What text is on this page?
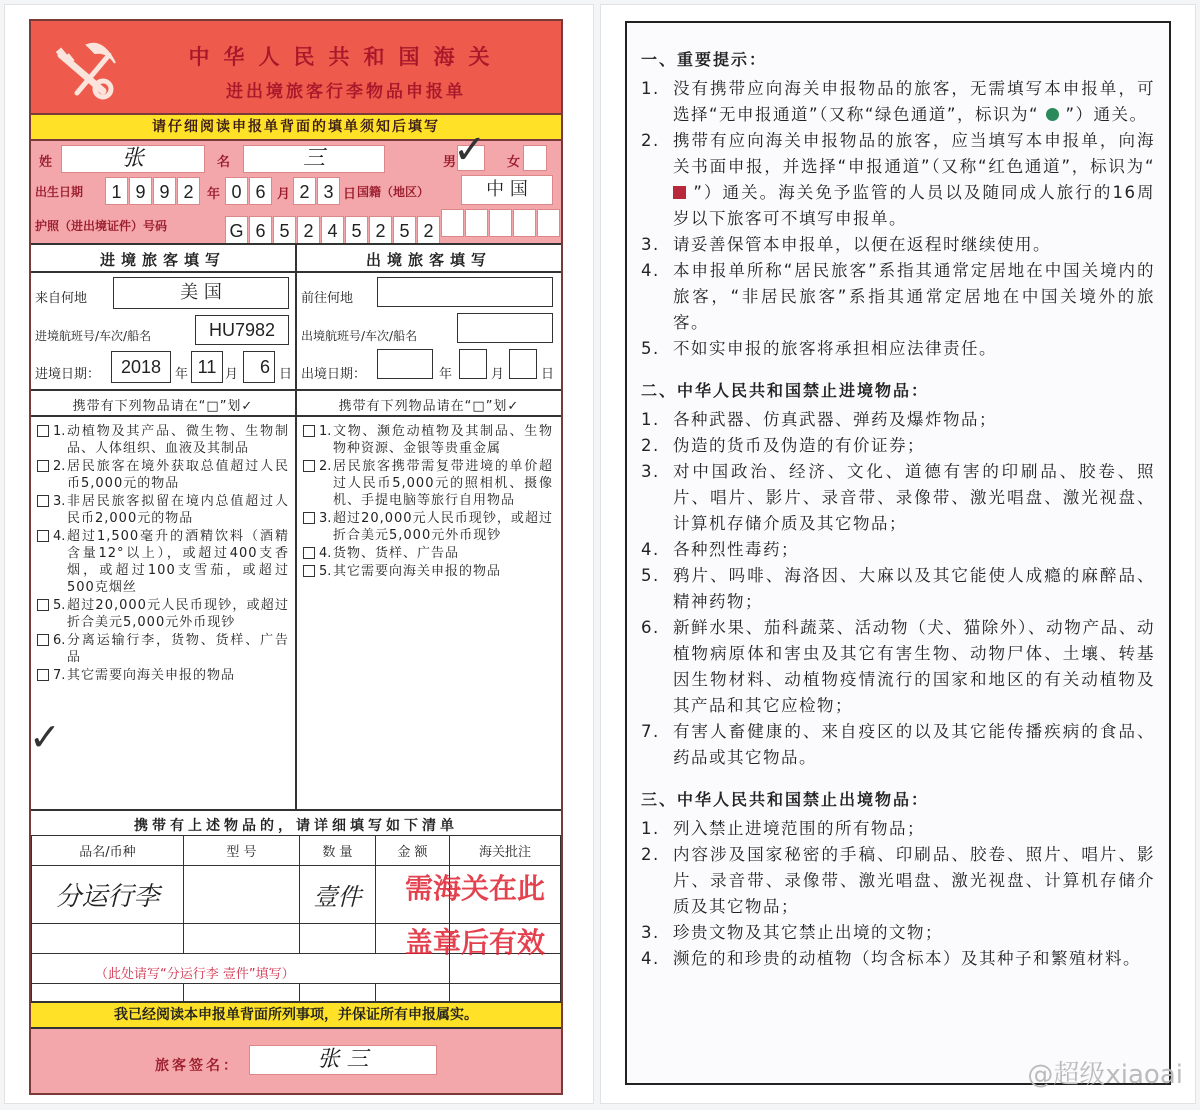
中华人民共和国海关
进出境旅客行李物品申报单
请仔细阅读申报单背面的填单须知后填写
姓	张	名	三	男
✓ 女
出生日期	1 9 9 2	年 0 6 月 2 3 日 国籍（地区）	中 国
护照（进出境证件）号码	G 6 5 2 4 5 2 5 2
进境旅客填写	出境旅客填写
来自何地	美 国
进境航班号/车次/船名	HU7982
进境日期：	2018	年 11 月	6 日
前往何地
出境航班号/车次/船名
出境日期：	年	月	日
携带有下列物品请在“□”划✓	携带有下列物品请在“□”划✓
1. 动植物及其产品、微生物、生物制品、人体组织、血液及其制品
2. 居民旅客在境外获取总值超过人民币5,000元的物品
3. 非居民旅客拟留在境内总值超过人民币2,000元的物品
4. 超过1,500毫升的酒精饮料（酒精含量12°以上），或超过400支香烟，或超过100支雪茄，或超过500克烟丝
5. 超过20,000元人民币现钞，或超过折合美元5,000元外币现钞
6. 分离运输行李，货物、货样、广告品
7. 其它需要向海关申报的物品
1. 文物、濒危动植物及其制品、生物物种资源、金银等贵重金属
2. 居民旅客携带需复带进境的单价超过人民币5,000元的照相机、摄像机、手提电脑等旅行自用物品
3. 超过20,000元人民币现钞，或超过折合美元5,000元外币现钞
4. 货物、货样、广告品
5. 其它需要向海关申报的物品
✓
携带有上述物品的，请详细填写如下清单
品名/币种	型 号	数 量	金 额	海关批注
分运行李		壹件		

				需海关在此
盖章后有效
（此处请写“分运行李 壹件”填写）
我已经阅读本申报单背面所列事项，并保证所有申报属实。
旅客签名：	张 三
一、重要提示：
1. 没有携带应向海关申报物品的旅客，无需填写本申报单，可选择“无申报通道”（又称“绿色通道”，标识为“ ”）通关。
2. 携带有应向海关申报物品的旅客，应当填写本申报单，向海关书面申报，并选择“申报通道”（又称“红色通道”，标识为“  ”）通关。海关免予监管的人员以及随同成人旅行的16周岁以下旅客可不填写申报单。
3. 请妥善保管本申报单，以便在返程时继续使用。
4. 本申报单所称“居民旅客”系指其通常定居地在中国关境内的旅客，“非居民旅客”系指其通常定居地在中国关境外的旅客。
5. 不如实申报的旅客将承担相应法律责任。
二、中华人民共和国禁止进境物品：
1. 各种武器、仿真武器、弹药及爆炸物品；
2. 伪造的货币及伪造的有价证券；
3. 对中国政治、经济、文化、道德有害的印刷品、胶卷、照片、唱片、影片、录音带、录像带、激光唱盘、激光视盘、计算机存储介质及其它物品；
4. 各种烈性毒药；
5. 鸦片、吗啡、海洛因、大麻以及其它能使人成瘾的麻醉品、精神药物；
6. 新鲜水果、茄科蔬菜、活动物（犬、猫除外）、动物产品、动植物病原体和害虫及其它有害生物、动物尸体、土壤、转基因生物材料、动植物疫情流行的国家和地区的有关动植物及其产品和其它应检物；
7. 有害人畜健康的、来自疫区的以及其它能传播疾病的食品、药品或其它物品。
三、中华人民共和国禁止出境物品：
1. 列入禁止进境范围的所有物品；
2. 内容涉及国家秘密的手稿、印刷品、胶卷、照片、唱片、影片、录音带、录像带、激光唱盘、激光视盘、计算机存储介质及其它物品；
3. 珍贵文物及其它禁止出境的文物；
4. 濒危的和珍贵的动植物（均含标本）及其种子和繁殖材料。
@超级xiaoai
